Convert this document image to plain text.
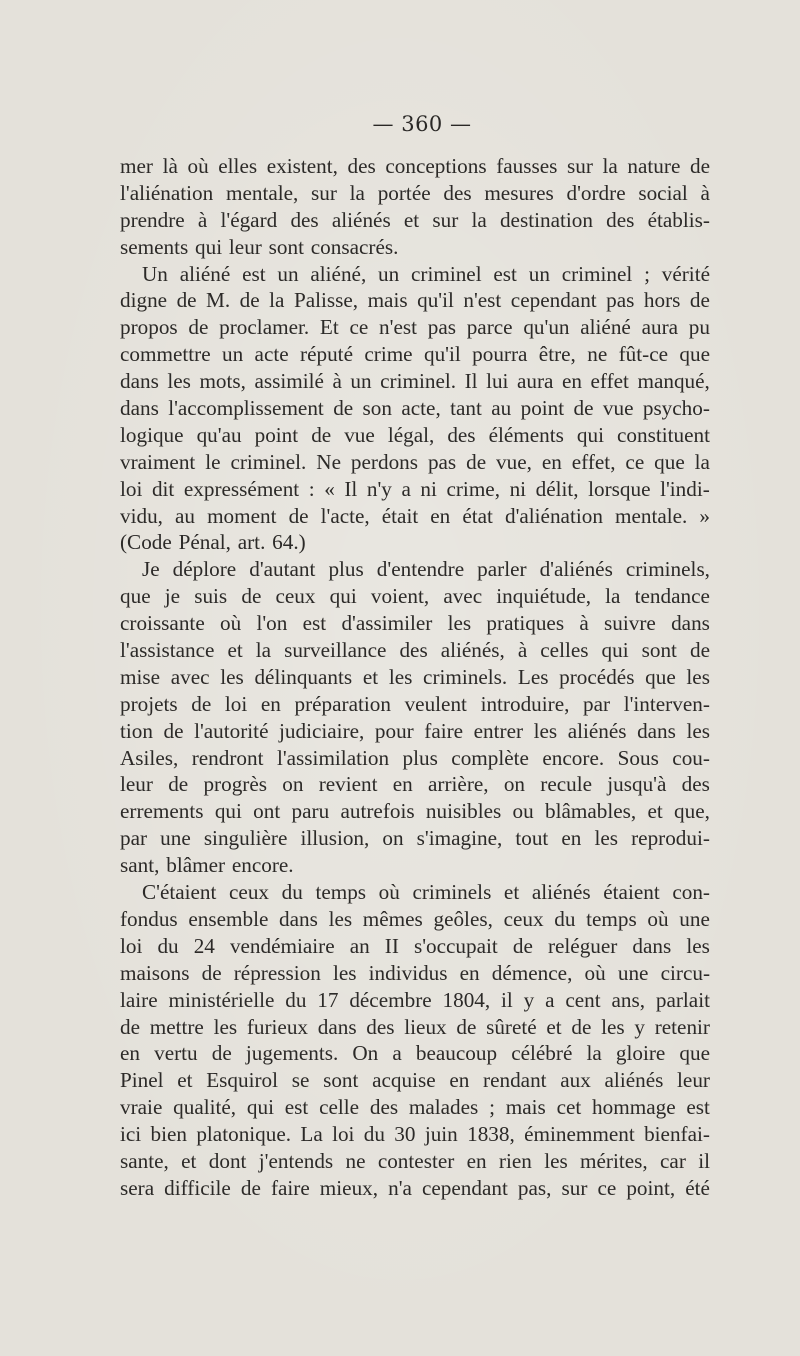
— 360 —
mer là où elles existent, des conceptions fausses sur la nature de
l'aliénation mentale, sur la portée des mesures d'ordre social à
prendre à l'égard des aliénés et sur la destination des établis-
sements qui leur sont consacrés.
Un aliéné est un aliéné, un criminel est un criminel ; vérité
digne de M. de la Palisse, mais qu'il n'est cependant pas hors de
propos de proclamer. Et ce n'est pas parce qu'un aliéné aura pu
commettre un acte réputé crime qu'il pourra être, ne fût-ce que
dans les mots, assimilé à un criminel. Il lui aura en effet manqué,
dans l'accomplissement de son acte, tant au point de vue psycho-
logique qu'au point de vue légal, des éléments qui constituent
vraiment le criminel. Ne perdons pas de vue, en effet, ce que la
loi dit expressément : « Il n'y a ni crime, ni délit, lorsque l'indi-
vidu, au moment de l'acte, était en état d'aliénation mentale. »
(Code Pénal, art. 64.)
Je déplore d'autant plus d'entendre parler d'aliénés criminels,
que je suis de ceux qui voient, avec inquiétude, la tendance
croissante où l'on est d'assimiler les pratiques à suivre dans
l'assistance et la surveillance des aliénés, à celles qui sont de
mise avec les délinquants et les criminels. Les procédés que les
projets de loi en préparation veulent introduire, par l'interven-
tion de l'autorité judiciaire, pour faire entrer les aliénés dans les
Asiles, rendront l'assimilation plus complète encore. Sous cou-
leur de progrès on revient en arrière, on recule jusqu'à des
errements qui ont paru autrefois nuisibles ou blâmables, et que,
par une singulière illusion, on s'imagine, tout en les reprodui-
sant, blâmer encore.
C'étaient ceux du temps où criminels et aliénés étaient con-
fondus ensemble dans les mêmes geôles, ceux du temps où une
loi du 24 vendémiaire an II s'occupait de reléguer dans les
maisons de répression les individus en démence, où une circu-
laire ministérielle du 17 décembre 1804, il y a cent ans, parlait
de mettre les furieux dans des lieux de sûreté et de les y retenir
en vertu de jugements. On a beaucoup célébré la gloire que
Pinel et Esquirol se sont acquise en rendant aux aliénés leur
vraie qualité, qui est celle des malades ; mais cet hommage est
ici bien platonique. La loi du 30 juin 1838, éminemment bienfai-
sante, et dont j'entends ne contester en rien les mérites, car il
sera difficile de faire mieux, n'a cependant pas, sur ce point, été
